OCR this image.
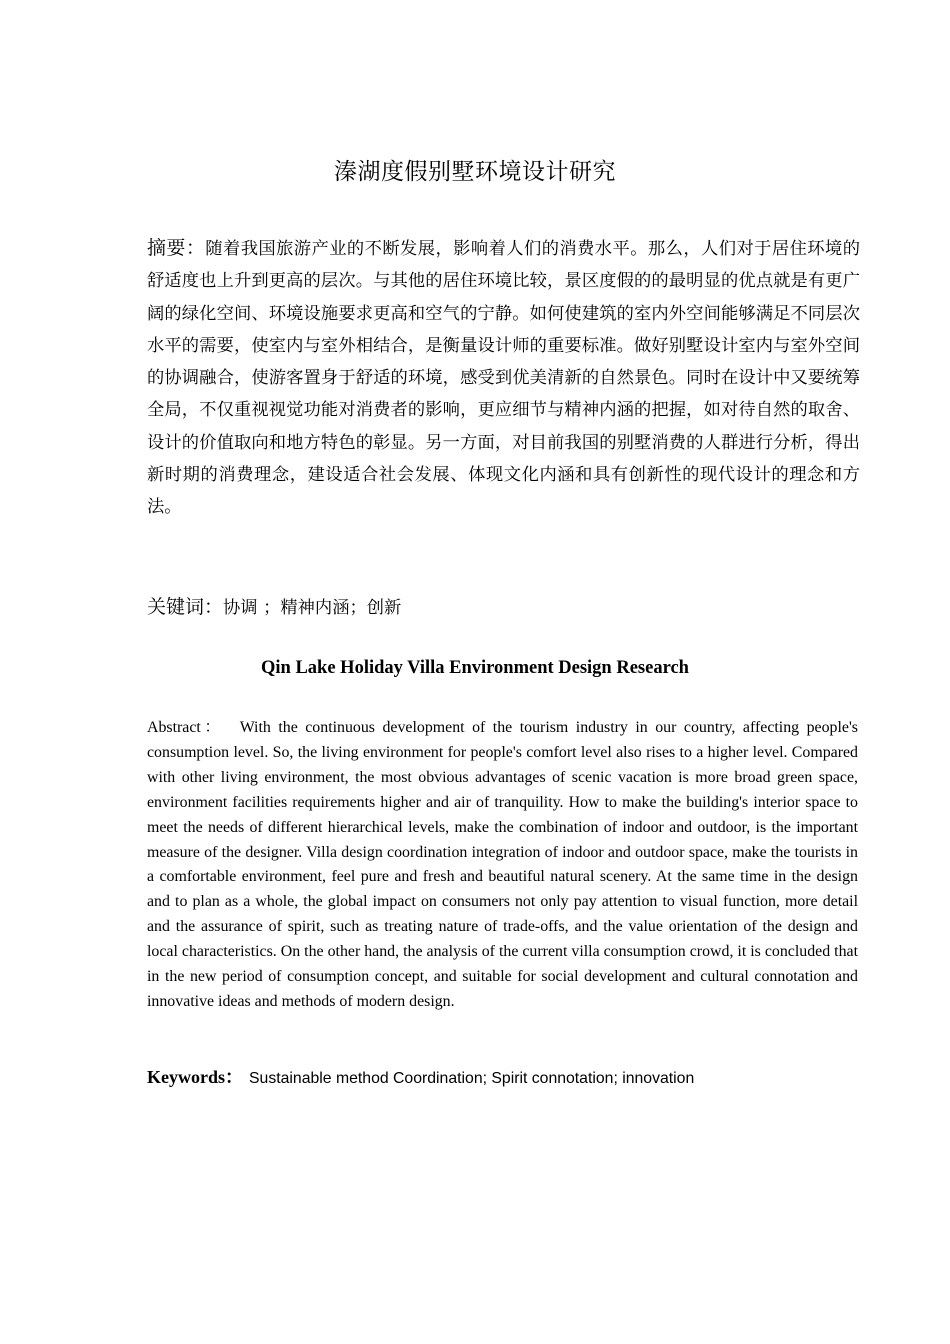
溱湖度假别墅环境设计研究
摘要：随着我国旅游产业的不断发展，影响着人们的消费水平。那么，人们对于居住环境的舒适度也上升到更高的层次。与其他的居住环境比较，景区度假的的最明显的优点就是有更广阔的绿化空间、环境设施要求更高和空气的宁静。如何使建筑的室内外空间能够满足不同层次水平的需要，使室内与室外相结合，是衡量设计师的重要标准。做好别墅设计室内与室外空间的协调融合，使游客置身于舒适的环境，感受到优美清新的自然景色。同时在设计中又要统筹全局，不仅重视视觉功能对消费者的影响，更应细节与精神内涵的把握，如对待自然的取舍、设计的价值取向和地方特色的彰显。另一方面，对目前我国的别墅消费的人群进行分析，得出新时期的消费理念，建设适合社会发展、体现文化内涵和具有创新性的现代设计的理念和方法。
关键词：协调 ；精神内涵；创新
Qin Lake Holiday Villa Environment Design Research
Abstract：  With the continuous development of the tourism industry in our country, affecting people's consumption level. So, the living environment for people's comfort level also rises to a higher level. Compared with other living environment, the most obvious advantages of scenic vacation is more broad green space, environment facilities requirements higher and air of tranquility. How to make the building's interior space to meet the needs of different hierarchical levels, make the combination of indoor and outdoor, is the important measure of the designer. Villa design coordination integration of indoor and outdoor space, make the tourists in a comfortable environment, feel pure and fresh and beautiful natural scenery. At the same time in the design and to plan as a whole, the global impact on consumers not only pay attention to visual function, more detail and the assurance of spirit, such as treating nature of trade-offs, and the value orientation of the design and local characteristics. On the other hand, the analysis of the current villa consumption crowd, it is concluded that in the new period of consumption concept, and suitable for social development and cultural connotation and innovative ideas and methods of modern design.
Keywords： Sustainable method Coordination; Spirit connotation; innovation
